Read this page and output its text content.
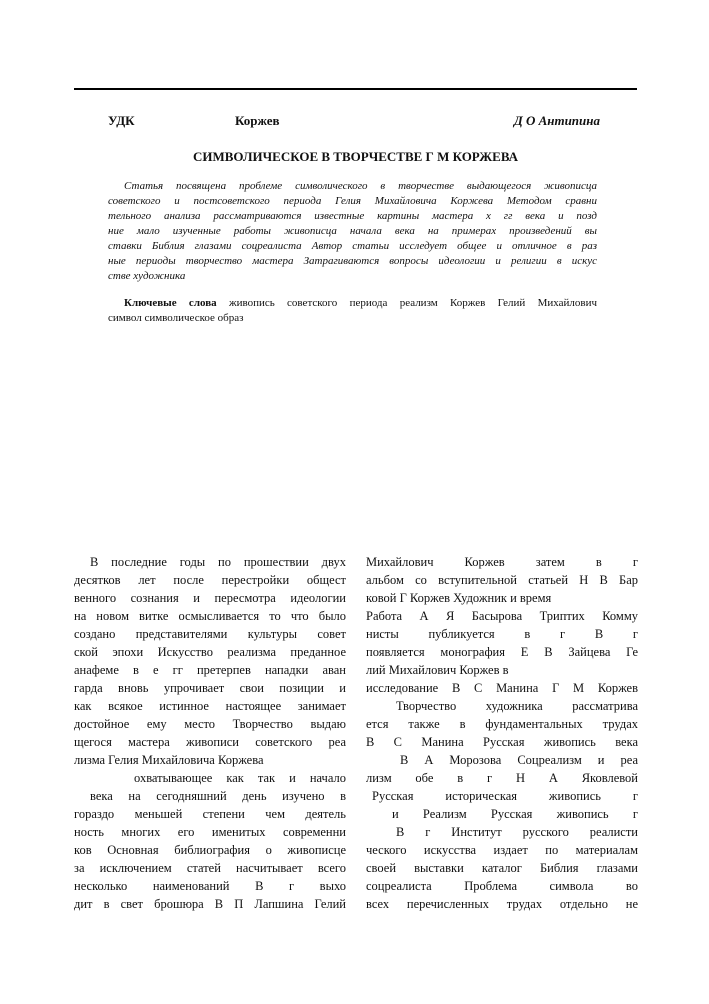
УДК	Коржев	Д О Антипина
СИМВОЛИЧЕСКОЕ В ТВОРЧЕСТВЕ Г М КОРЖЕВА
Статья посвящена проблеме символического в творчестве выдающегося живописца
советского и постсоветского периода Гелия Михайловича Коржева Методом сравни
тельного анализа рассматриваются известные картины мастера х гг века и позд
ние мало изученные работы живописца начала века на примерах произведений вы
ставки Библия глазами соцреалиста Автор статьи исследует общее и отличное в раз
ные периоды творчество мастера Затрагиваются вопросы идеологии и религии в искус
стве художника
Ключевые слова живопись советского периода реализм Коржев Гелий Михайлович
символ символическое образ
В последние годы по прошествии двух
десятков лет после перестройки общест
венного сознания и пересмотра идеологии
на новом витке осмысливается то что было
создано представителями культуры совет
ской эпохи Искусство реализма преданное
анафеме в е гг претерпев нападки аван
гарда вновь упрочивает свои позиции и
как всякое истинное настоящее занимает
достойное ему место Творчество выдаю
щегося мастера живописи советского реа
лизма Гелия Михайловича Коржева
охватывающее как так и начало
века на сегодняшний день изучено в
гораздо меньшей степени чем деятель
ность многих его именитых современни
ков Основная библиография о живописце
за исключением статей насчитывает всего
несколько наименований В г выхо
дит в свет брошюра В П Лапшина Гелий
Михайлович Коржев затем в г
альбом со вступительной статьей Н В Бар
ковой Г Коржев Художник и время
Работа А Я Басырова Триптих Комму
нисты публикуется в г В г
появляется монография Е В Зайцева Ге
лий Михайлович Коржев в
исследование В С Манина Г М Коржев
Творчество художника рассматрива
ется также в фундаментальных трудах
В С Манина Русская живопись века
В А Морозова Соцреализм и реа
лизм обе в г Н А Яковлевой
Русская историческая живопись г
и Реализм Русская живопись г
В г Институт русского реалисти
ческого искусства издает по материалам
своей выставки каталог Библия глазами
соцреалиста Проблема символа во
всех перечисленных трудах отдельно не
